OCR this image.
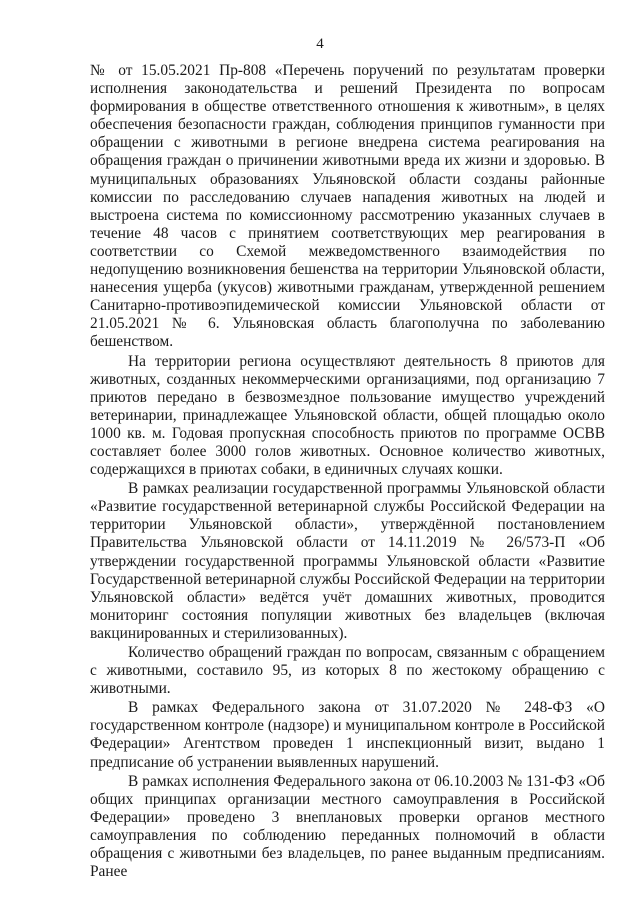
4

№ от 15.05.2021 Пр-808 «Перечень поручений по результатам проверки исполнения законодательства и решений Президента по вопросам формирования в обществе ответственного отношения к животным», в целях обеспечения безопасности граждан, соблюдения принципов гуманности при обращении с животными в регионе внедрена система реагирования на обращения граждан о причинении животными вреда их жизни и здоровью. В муниципальных образованиях Ульяновской области созданы районные комиссии по расследованию случаев нападения животных на людей и выстроена система по комиссионному рассмотрению указанных случаев в течение 48 часов с принятием соответствующих мер реагирования в соответствии со Схемой межведомственного взаимодействия по недопущению возникновения бешенства на территории Ульяновской области, нанесения ущерба (укусов) животными гражданам, утвержденной решением Санитарно-противоэпидемической комиссии Ульяновской области от 21.05.2021 № 6. Ульяновская область благополучна по заболеванию бешенством.

На территории региона осуществляют деятельность 8 приютов для животных, созданных некоммерческими организациями, под организацию 7 приютов передано в безвозмездное пользование имущество учреждений ветеринарии, принадлежащее Ульяновской области, общей площадью около 1000 кв. м. Годовая пропускная способность приютов по программе ОСВВ составляет более 3000 голов животных. Основное количество животных, содержащихся в приютах собаки, в единичных случаях кошки.

В рамках реализации государственной программы Ульяновской области «Развитие государственной ветеринарной службы Российской Федерации на территории Ульяновской области», утверждённой постановлением Правительства Ульяновской области от 14.11.2019 № 26/573-П «Об утверждении государственной программы Ульяновской области «Развитие Государственной ветеринарной службы Российской Федерации на территории Ульяновской области» ведётся учёт домашних животных, проводится мониторинг состояния популяции животных без владельцев (включая вакцинированных и стерилизованных).

Количество обращений граждан по вопросам, связанным с обращением с животными, составило 95, из которых 8 по жестокому обращению с животными.

В рамках Федерального закона от 31.07.2020 № 248-ФЗ «О государственном контроле (надзоре) и муниципальном контроле в Российской Федерации» Агентством проведен 1 инспекционный визит, выдано 1 предписание об устранении выявленных нарушений.

В рамках исполнения Федерального закона от 06.10.2003 № 131-ФЗ «Об общих принципах организации местного самоуправления в Российской Федерации» проведено 3 внеплановых проверки органов местного самоуправления по соблюдению переданных полномочий в области обращения с животными без владельцев, по ранее выданным предписаниям. Ранее
